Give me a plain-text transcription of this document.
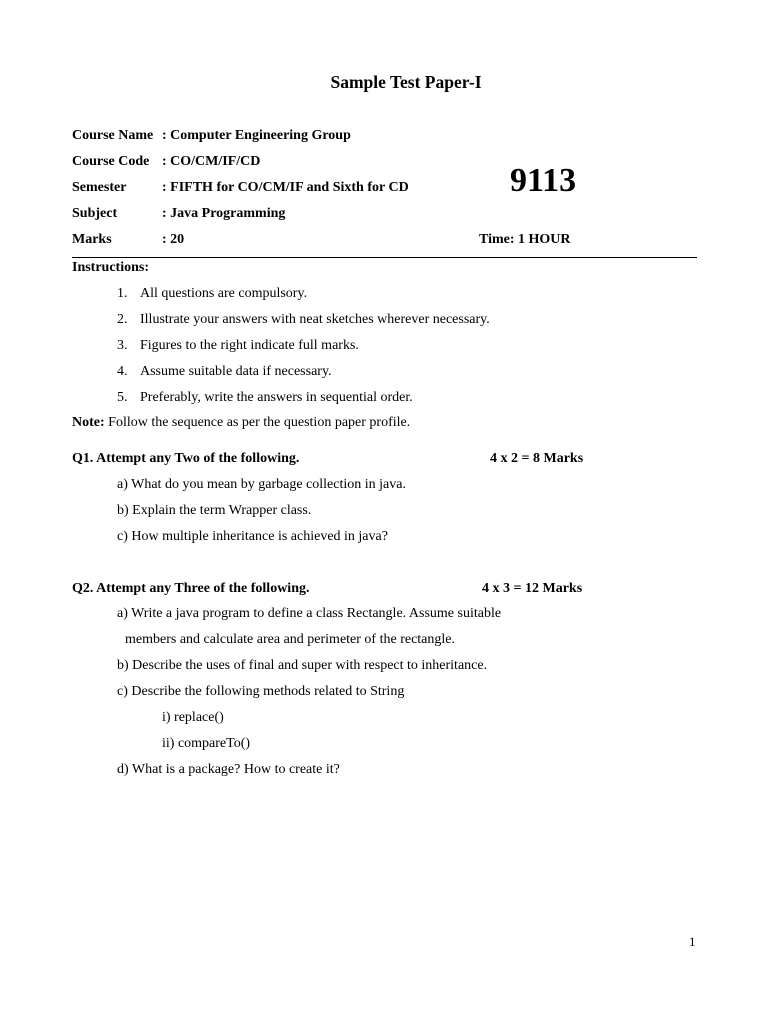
Sample Test Paper-I
Course Name : Computer Engineering Group
Course Code : CO/CM/IF/CD
Semester	: FIFTH for CO/CM/IF and Sixth for CD
Subject	: Java Programming
Marks	: 20
9113
Time: 1 HOUR
Instructions:
1. All questions are compulsory.
2. Illustrate your answers with neat sketches wherever necessary.
3. Figures to the right indicate full marks.
4. Assume suitable data if necessary.
5. Preferably, write the answers in sequential order.
Note: Follow the sequence as per the question paper profile.
Q1. Attempt any Two of the following.	4 x 2 = 8 Marks
a) What do you mean by garbage collection in java.
b) Explain the term Wrapper class.
c) How multiple inheritance is achieved in java?
Q2. Attempt any Three of the following.	4 x 3 = 12 Marks
a) Write a java program to define a class Rectangle. Assume suitable
members and calculate area and perimeter of the rectangle.
b) Describe the uses of final and super with respect to inheritance.
c) Describe the following methods related to String
i) replace()
ii) compareTo()
d) What is a package? How to create it?
1
